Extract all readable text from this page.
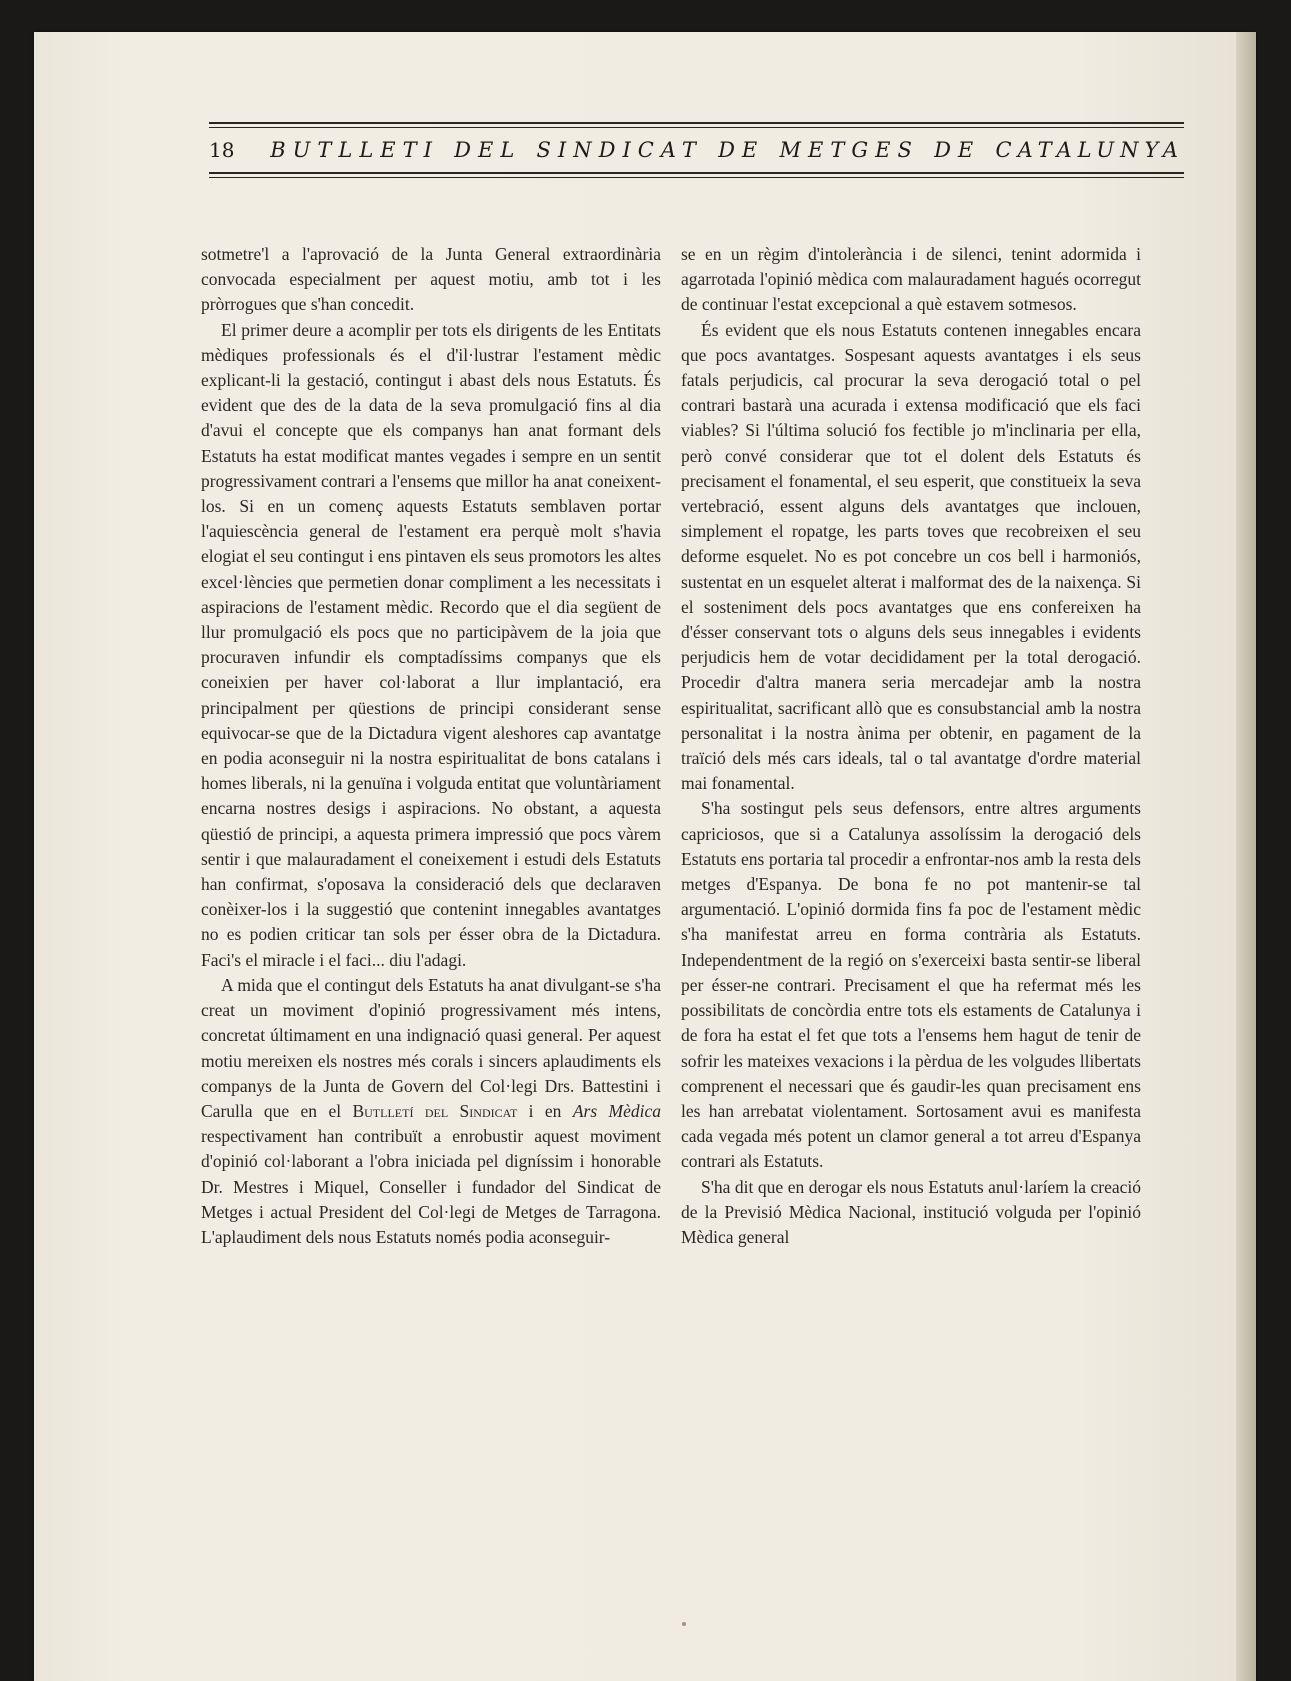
18	BUTLLETI DEL SINDICAT DE METGES DE CATALUNYA

sotmetre'l a l'aprovació de la Junta General extraordinària convocada especialment per aquest motiu, amb tot i les pròrrogues que s'han concedit.

El primer deure a acomplir per tots els dirigents de les Entitats mèdiques professionals és el d'il·lustrar l'estament mèdic explicant-li la gestació, contingut i abast dels nous Estatuts. És evident que des de la data de la seva promulgació fins al dia d'avui el concepte que els companys han anat formant dels Estatuts ha estat modificat mantes vegades i sempre en un sentit progressivament contrari a l'ensems que millor ha anat coneixent-los. Si en un començ aquests Estatuts semblaven portar l'aquiescència general de l'estament era perquè molt s'havia elogiat el seu contingut i ens pintaven els seus promotors les altes excel·lències que permetien donar compliment a les necessitats i aspiracions de l'estament mèdic. Recordo que el dia següent de llur promulgació els pocs que no participàvem de la joia que procuraven infundir els comptadíssims companys que els coneixien per haver col·laborat a llur implantació, era principalment per qüestions de principi considerant sense equivocar-se que de la Dictadura vigent aleshores cap avantatge en podia aconseguir ni la nostra espiritualitat de bons catalans i homes liberals, ni la genuïna i volguda entitat que voluntàriament encarna nostres desigs i aspiracions. No obstant, a aquesta qüestió de principi, a aquesta primera impressió que pocs vàrem sentir i que malauradament el coneixement i estudi dels Estatuts han confirmat, s'oposava la consideració dels que declaraven conèixer-los i la suggestió que contenint innegables avantatges no es podien criticar tan sols per ésser obra de la Dictadura. Faci's el miracle i el faci... diu l'adagi.

A mida que el contingut dels Estatuts ha anat divulgant-se s'ha creat un moviment d'opinió progressivament més intens, concretat últimament en una indignació quasi general. Per aquest motiu mereixen els nostres més corals i sincers aplaudiments els companys de la Junta de Govern del Col·legi Drs. Battestini i Carulla que en el Butlletí del Sindicat i en Ars Mèdica respectivament han contribuït a enrobustir aquest moviment d'opinió col·laborant a l'obra iniciada pel digníssim i honorable Dr. Mestres i Miquel, Conseller i fundador del Sindicat de Metges i actual President del Col·legi de Metges de Tarragona. L'aplaudiment dels nous Estatuts només podia aconseguir-

se en un règim d'intolerància i de silenci, tenint adormida i agarrotada l'opinió mèdica com malauradament hagués ocorregut de continuar l'estat excepcional a què estavem sotmesos.

És evident que els nous Estatuts contenen innegables encara que pocs avantatges. Sospesant aquests avantatges i els seus fatals perjudicis, cal procurar la seva derogació total o pel contrari bastarà una acurada i extensa modificació que els faci viables? Si l'última solució fos fectible jo m'inclinaria per ella, però convé considerar que tot el dolent dels Estatuts és precisament el fonamental, el seu esperit, que constitueix la seva vertebració, essent alguns dels avantatges que inclouen, simplement el ropatge, les parts toves que recobreixen el seu deforme esquelet. No es pot concebre un cos bell i harmoniós, sustentat en un esquelet alterat i malformat des de la naixença. Si el sosteniment dels pocs avantatges que ens confereixen ha d'ésser conservant tots o alguns dels seus innegables i evidents perjudicis hem de votar decididament per la total derogació. Procedir d'altra manera seria mercadejar amb la nostra espiritualitat, sacrificant allò que es consubstancial amb la nostra personalitat i la nostra ànima per obtenir, en pagament de la traïció dels més cars ideals, tal o tal avantatge d'ordre material mai fonamental.

S'ha sostingut pels seus defensors, entre altres arguments capriciosos, que si a Catalunya assolíssim la derogació dels Estatuts ens portaria tal procedir a enfrontar-nos amb la resta dels metges d'Espanya. De bona fe no pot mantenir-se tal argumentació. L'opinió dormida fins fa poc de l'estament mèdic s'ha manifestat arreu en forma contrària als Estatuts. Independentment de la regió on s'exerceixi basta sentir-se liberal per ésser-ne contrari. Precisament el que ha refermat més les possibilitats de concòrdia entre tots els estaments de Catalunya i de fora ha estat el fet que tots a l'ensems hem hagut de tenir de sofrir les mateixes vexacions i la pèrdua de les volgudes llibertats comprenent el necessari que és gaudir-les quan precisament ens les han arrebatat violentament. Sortosament avui es manifesta cada vegada més potent un clamor general a tot arreu d'Espanya contrari als Estatuts.

S'ha dit que en derogar els nous Estatuts anul·laríem la creació de la Previsió Mèdica Nacional, institució volguda per l'opinió Mèdica general
